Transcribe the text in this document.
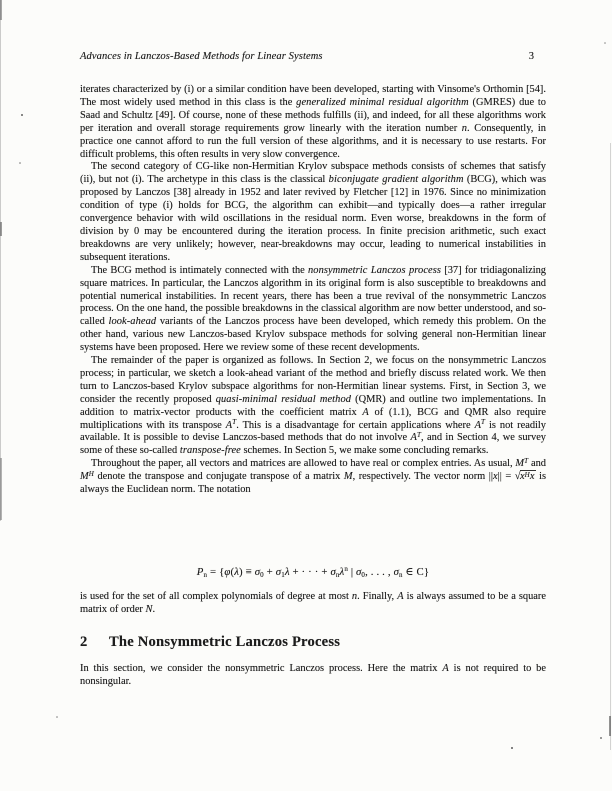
Advances in Lanczos-Based Methods for Linear Systems	3

iterates characterized by (i) or a similar condition have been developed, starting with Vinsome's Orthomin [54]. The most widely used method in this class is the generalized minimal residual algorithm (GMRES) due to Saad and Schultz [49]. Of course, none of these methods fulfills (ii), and indeed, for all these algorithms work per iteration and overall storage requirements grow linearly with the iteration number n. Consequently, in practice one cannot afford to run the full version of these algorithms, and it is necessary to use restarts. For difficult problems, this often results in very slow convergence.

The second category of CG-like non-Hermitian Krylov subspace methods consists of schemes that satisfy (ii), but not (i). The archetype in this class is the classical biconjugate gradient algorithm (BCG), which was proposed by Lanczos [38] already in 1952 and later revived by Fletcher [12] in 1976. Since no minimization condition of type (i) holds for BCG, the algorithm can exhibit—and typically does—a rather irregular convergence behavior with wild oscillations in the residual norm. Even worse, breakdowns in the form of division by 0 may be encountered during the iteration process. In finite precision arithmetic, such exact breakdowns are very unlikely; however, near-breakdowns may occur, leading to numerical instabilities in subsequent iterations.

The BCG method is intimately connected with the nonsymmetric Lanczos process [37] for tridiagonalizing square matrices. In particular, the Lanczos algorithm in its original form is also susceptible to breakdowns and potential numerical instabilities. In recent years, there has been a true revival of the nonsymmetric Lanczos process. On the one hand, the possible breakdowns in the classical algorithm are now better understood, and so-called look-ahead variants of the Lanczos process have been developed, which remedy this problem. On the other hand, various new Lanczos-based Krylov subspace methods for solving general non-Hermitian linear systems have been proposed. Here we review some of these recent developments.

The remainder of the paper is organized as follows. In Section 2, we focus on the nonsymmetric Lanczos process; in particular, we sketch a look-ahead variant of the method and briefly discuss related work. We then turn to Lanczos-based Krylov subspace algorithms for non-Hermitian linear systems. First, in Section 3, we consider the recently proposed quasi-minimal residual method (QMR) and outline two implementations. In addition to matrix-vector products with the coefficient matrix A of (1.1), BCG and QMR also require multiplications with its transpose $A^T$. This is a disadvantage for certain applications where $A^T$ is not readily available. It is possible to devise Lanczos-based methods that do not involve $A^T$, and in Section 4, we survey some of these so-called transpose-free schemes. In Section 5, we make some concluding remarks.

Throughout the paper, all vectors and matrices are allowed to have real or complex entries. As usual, $M^T$ and $M^H$ denote the transpose and conjugate transpose of a matrix M, respectively. The vector norm $||x|| = √x^Hx$ is always the Euclidean norm. The notation

$P_n = \{\varphi(\lambda) \equiv \sigma_0 + \sigma_1\lambda$ + · · · + $\sigma_n\lambda^n$ | $\sigma_0$, . . . , $\sigma_n$ ∈ C}

is used for the set of all complex polynomials of degree at most n. Finally, A is always assumed to be a square matrix of order N.

2	The Nonsymmetric Lanczos Process

In this section, we consider the nonsymmetric Lanczos process. Here the matrix A is not required to be nonsingular.
